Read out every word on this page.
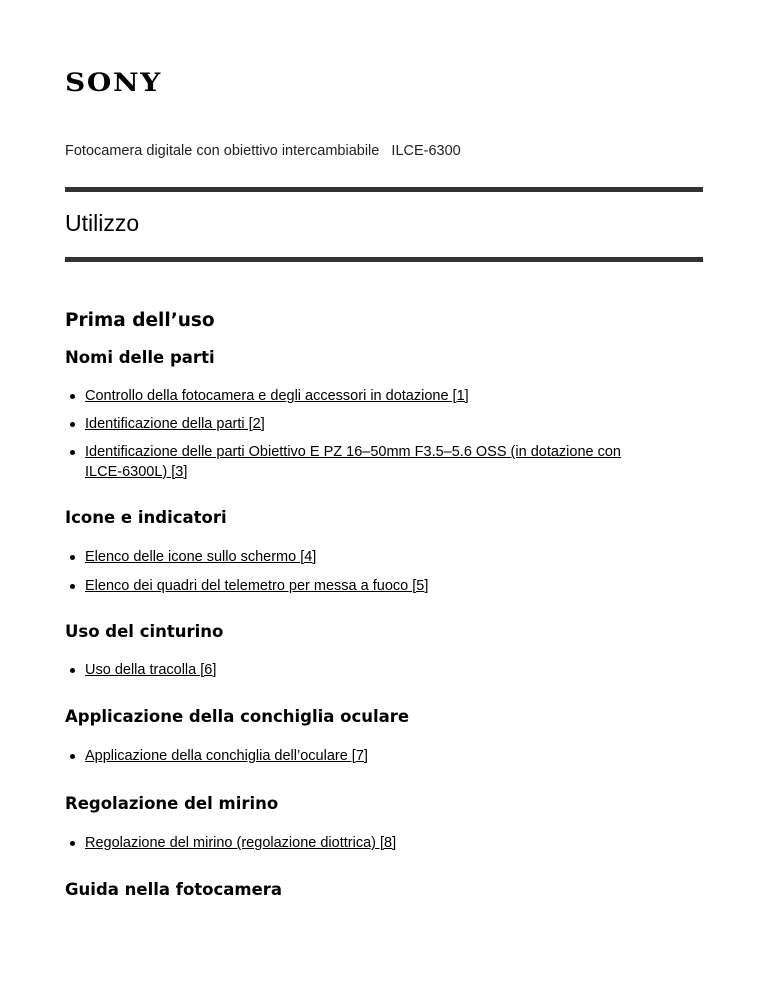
SONY
Fotocamera digitale con obiettivo intercambiabile   ILCE-6300
Utilizzo
Prima dell’uso
Nomi delle parti
Controllo della fotocamera e degli accessori in dotazione [1]
Identificazione della parti [2]
Identificazione delle parti Obiettivo E PZ 16–50mm F3.5–5.6 OSS (in dotazione con
ILCE-6300L) [3]
Icone e indicatori
Elenco delle icone sullo schermo [4]
Elenco dei quadri del telemetro per messa a fuoco [5]
Uso del cinturino
Uso della tracolla [6]
Applicazione della conchiglia oculare
Applicazione della conchiglia dell’oculare [7]
Regolazione del mirino
Regolazione del mirino (regolazione diottrica) [8]
Guida nella fotocamera
